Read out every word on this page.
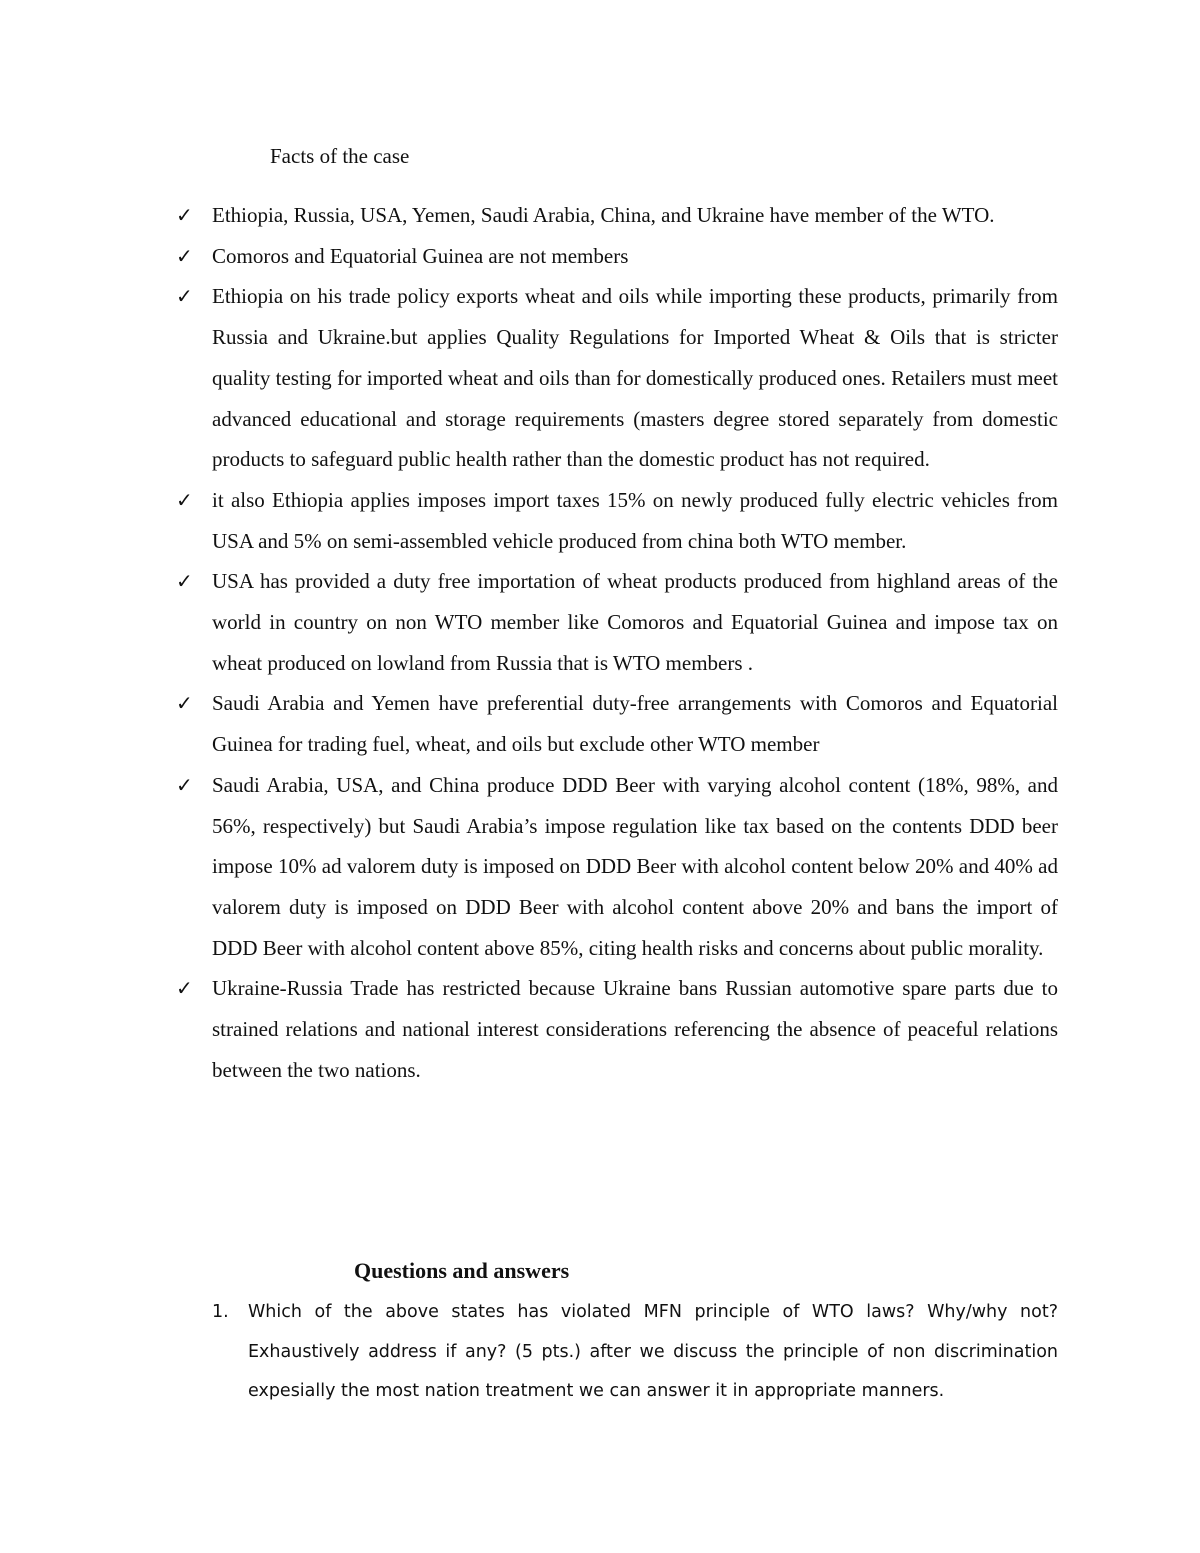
Facts of the case
✓ Ethiopia, Russia, USA, Yemen, Saudi Arabia, China, and Ukraine have member of the WTO.
✓ Comoros and Equatorial Guinea are not members
✓ Ethiopia on his trade policy exports wheat and oils while importing these products, primarily from Russia and Ukraine.but applies Quality Regulations for Imported Wheat & Oils that is stricter quality testing for imported wheat and oils than for domestically produced ones. Retailers must meet advanced educational and storage requirements (masters degree stored separately from domestic products to safeguard public health rather than the domestic product has not required.
✓ it also Ethiopia applies imposes import taxes 15% on newly produced fully electric vehicles from USA and 5% on semi-assembled vehicle produced from china both WTO member.
✓ USA has provided a duty free importation of wheat products produced from highland areas of the world in country on non WTO member like Comoros and Equatorial Guinea and impose tax on wheat produced on lowland from Russia that is WTO members .
✓ Saudi Arabia and Yemen have preferential duty-free arrangements with Comoros and Equatorial Guinea for trading fuel, wheat, and oils but exclude other WTO member
✓ Saudi Arabia, USA, and China produce DDD Beer with varying alcohol content (18%, 98%, and 56%, respectively) but Saudi Arabia’s impose regulation like tax based on the contents DDD beer impose 10% ad valorem duty is imposed on DDD Beer with alcohol content below 20% and 40% ad valorem duty is imposed on DDD Beer with alcohol content above 20% and bans the import of DDD Beer with alcohol content above 85%, citing health risks and concerns about public morality.
✓ Ukraine-Russia Trade has restricted because Ukraine bans Russian automotive spare parts due to strained relations and national interest considerations referencing the absence of peaceful relations between the two nations.
Questions and answers
1. Which of the above states has violated MFN principle of WTO laws? Why/why not? Exhaustively address if any? (5 pts.) after we discuss the principle of non discrimination expesially the most nation treatment we can answer it in appropriate manners.
